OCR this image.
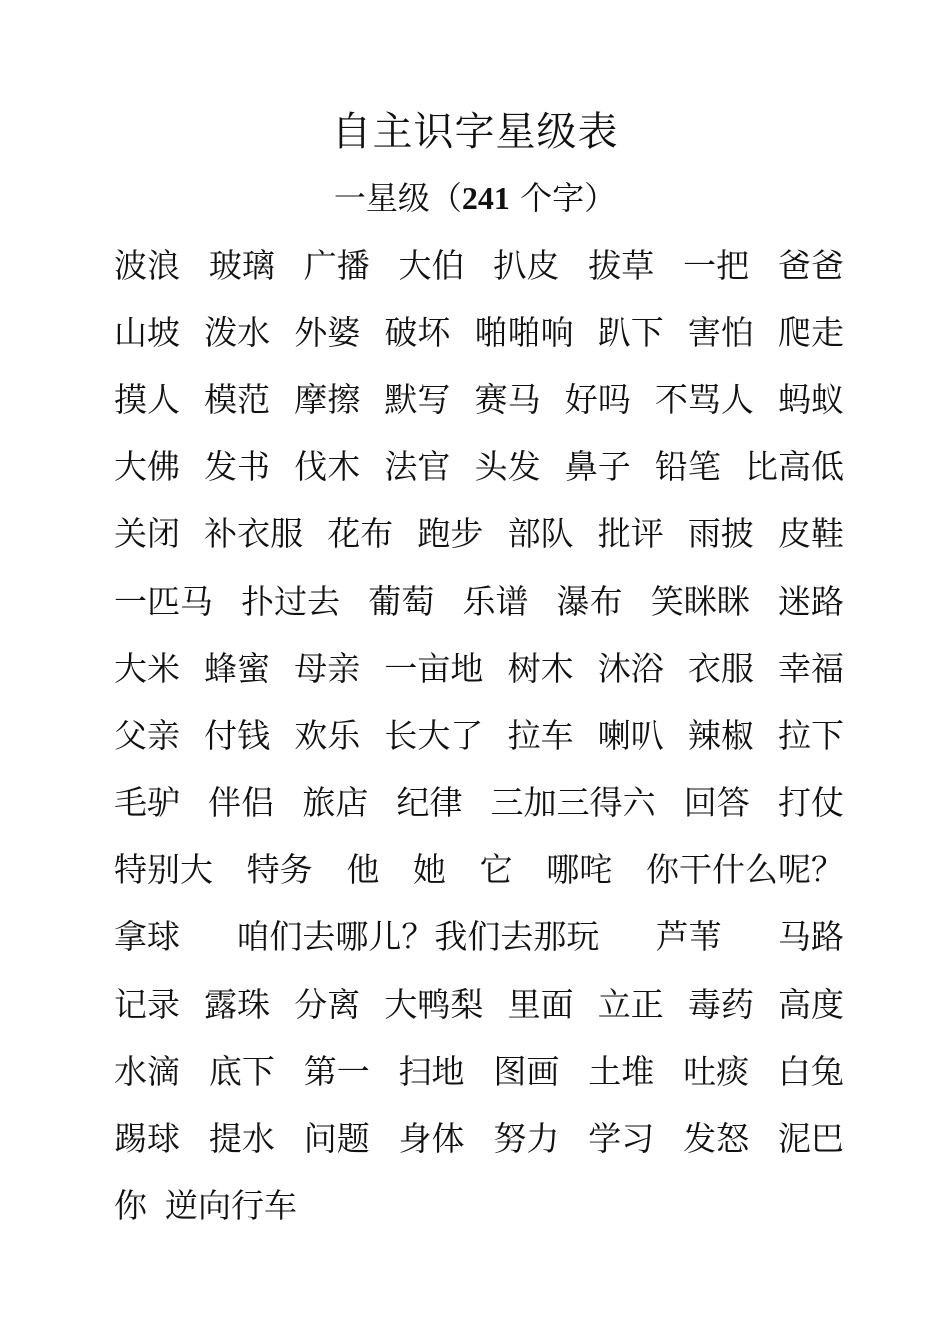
自主识字星级表
一星级（241 个字）
波浪 玻璃 广播 大伯 扒皮 拔草 一把 爸爸
山坡 泼水 外婆 破坏 啪啪响 趴下 害怕 爬走
摸人 模范 摩擦 默写 赛马 好吗 不骂人 蚂蚁
大佛 发书 伐木 法官 头发 鼻子 铅笔 比高低
关闭 补衣服 花布 跑步 部队 批评 雨披 皮鞋
一匹马 扑过去 葡萄 乐谱 瀑布 笑眯眯 迷路
大米 蜂蜜 母亲 一亩地 树木 沐浴 衣服 幸福
父亲 付钱 欢乐 长大了 拉车 喇叭 辣椒 拉下
毛驴 伴侣 旅店 纪律 三加三得六 回答 打仗
特别大 特务 他 她 它 哪咤 你干什么呢？
拿球 咱们去哪儿？我们去那玩 芦苇 马路
记录 露珠 分离 大鸭梨 里面 立正 毒药 高度
水滴 底下 第一 扫地 图画 土堆 吐痰 白兔
踢球 提水 问题 身体 努力 学习 发怒 泥巴
你 逆向行车
